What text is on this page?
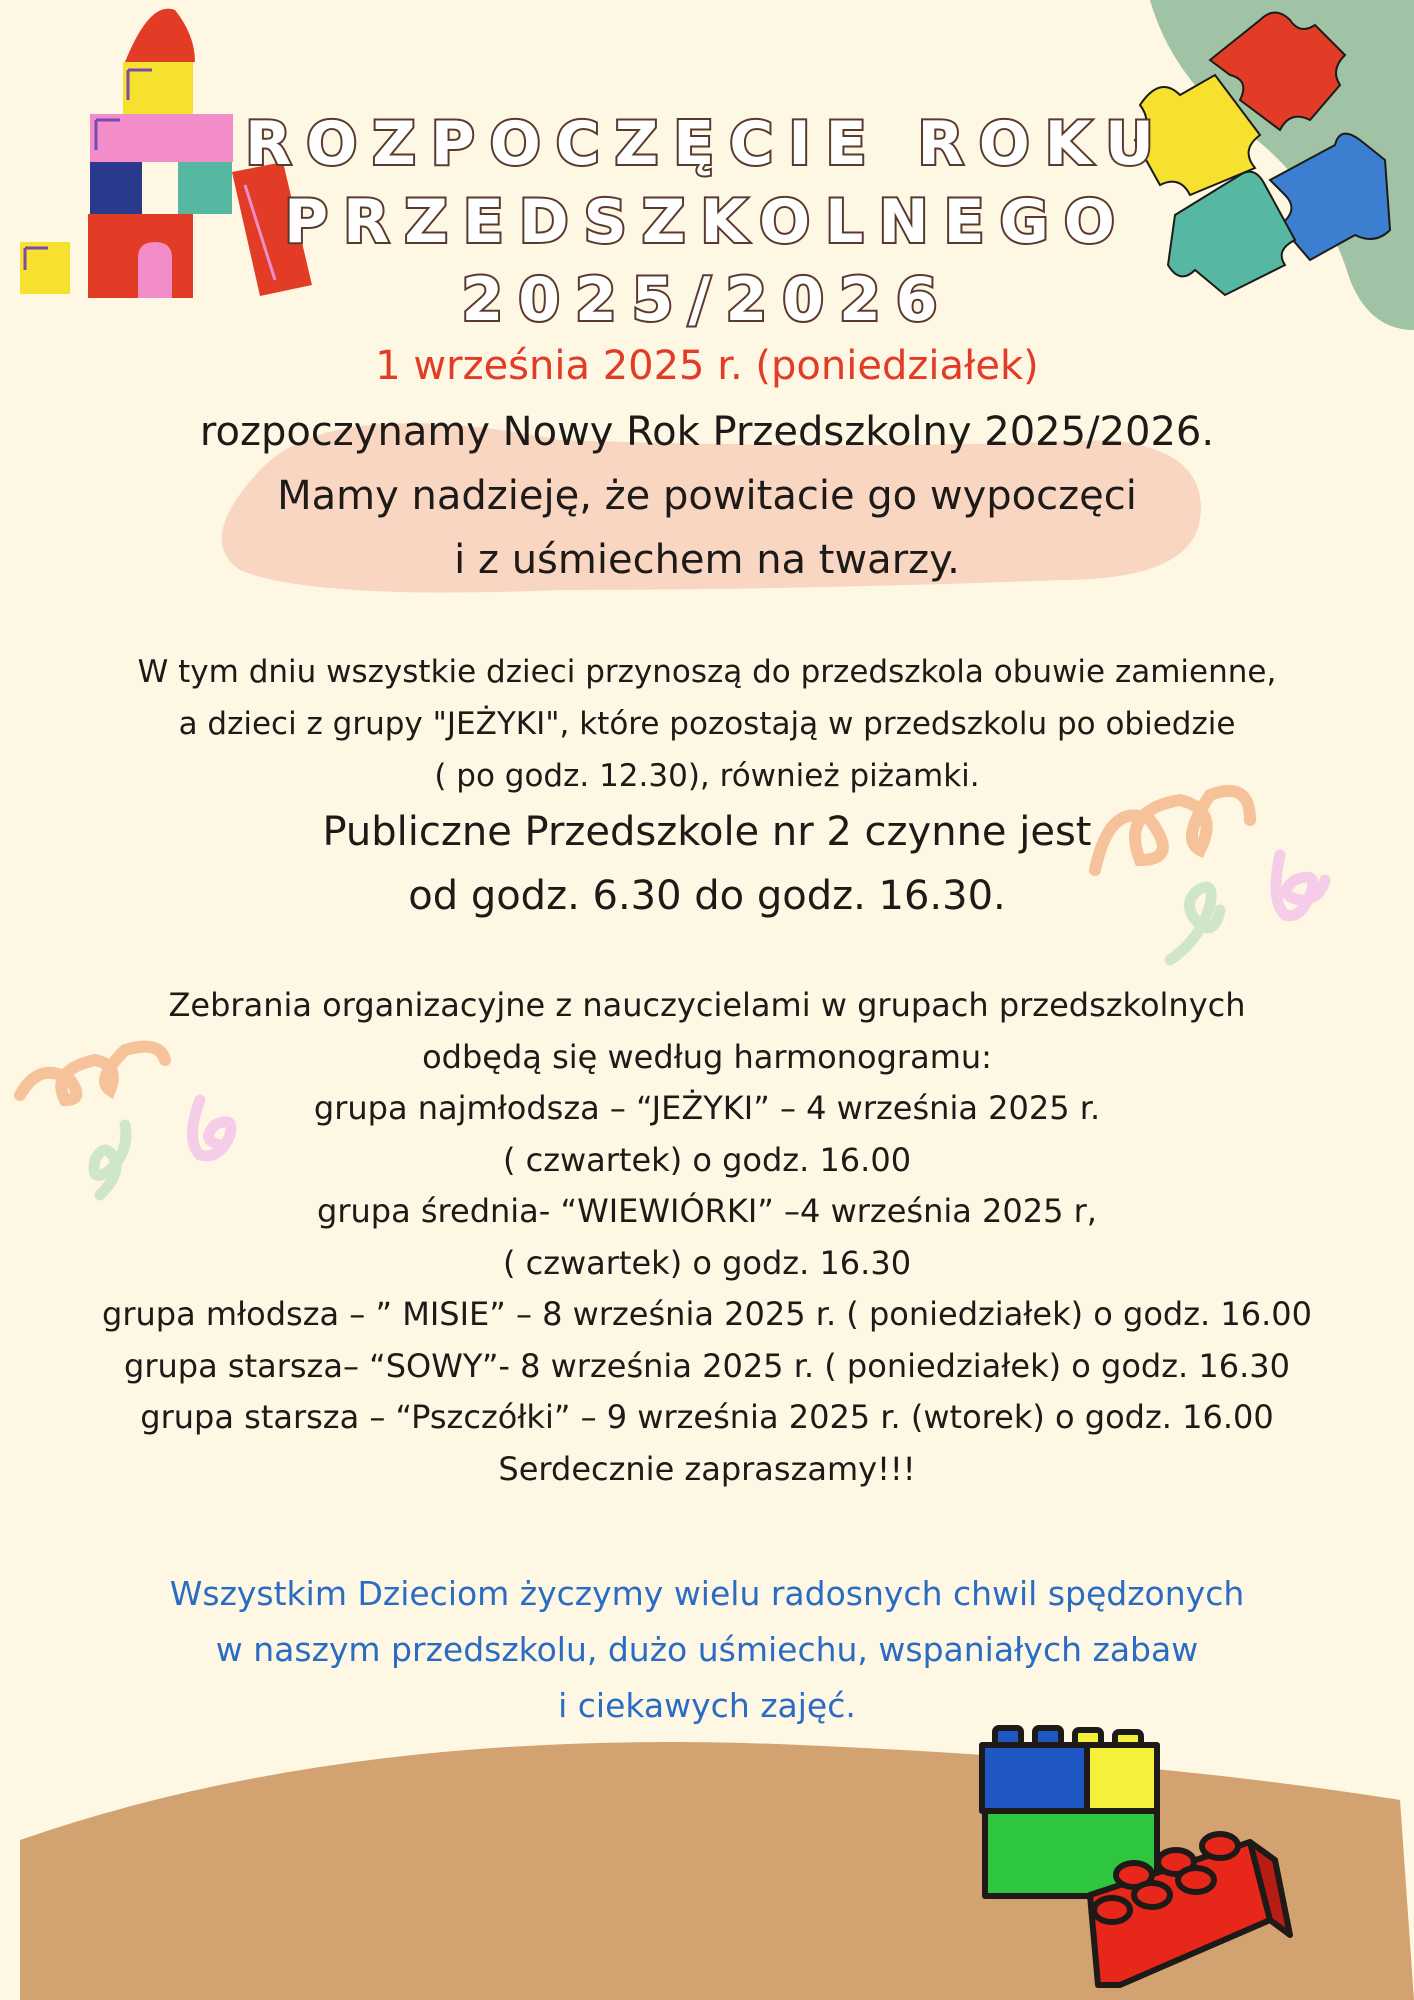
ROZPOCZĘCIE ROKU
PRZEDSZKOLNEGO
2025/2026
1 września 2025 r. (poniedziałek)
rozpoczynamy Nowy Rok Przedszkolny 2025/2026.
Mamy nadzieję, że powitacie go wypoczęci
i z uśmiechem na twarzy.
W tym dniu wszystkie dzieci przynoszą do przedszkola obuwie zamienne,
a dzieci z grupy "JEŻYKI", które pozostają w przedszkolu po obiedzie
( po godz. 12.30), również piżamki.
Publiczne Przedszkole nr 2 czynne jest
od godz. 6.30 do godz. 16.30.
Zebrania organizacyjne z nauczycielami w grupach przedszkolnych
odbędą się według harmonogramu:
grupa najmłodsza – “JEŻYKI” – 4 września 2025 r.
( czwartek) o godz. 16.00
grupa średnia- “WIEWIÓRKI” –4 września 2025 r,
( czwartek) o godz. 16.30
grupa młodsza – ” MISIE” – 8 września 2025 r. ( poniedziałek) o godz. 16.00
grupa starsza– “SOWY”- 8 września 2025 r. ( poniedziałek) o godz. 16.30
grupa starsza – “Pszczółki” – 9 września 2025 r. (wtorek) o godz. 16.00
Serdecznie zapraszamy!!!
Wszystkim Dzieciom życzymy wielu radosnych chwil spędzonych
w naszym przedszkolu, dużo uśmiechu, wspaniałych zabaw
i ciekawych zajęć.
